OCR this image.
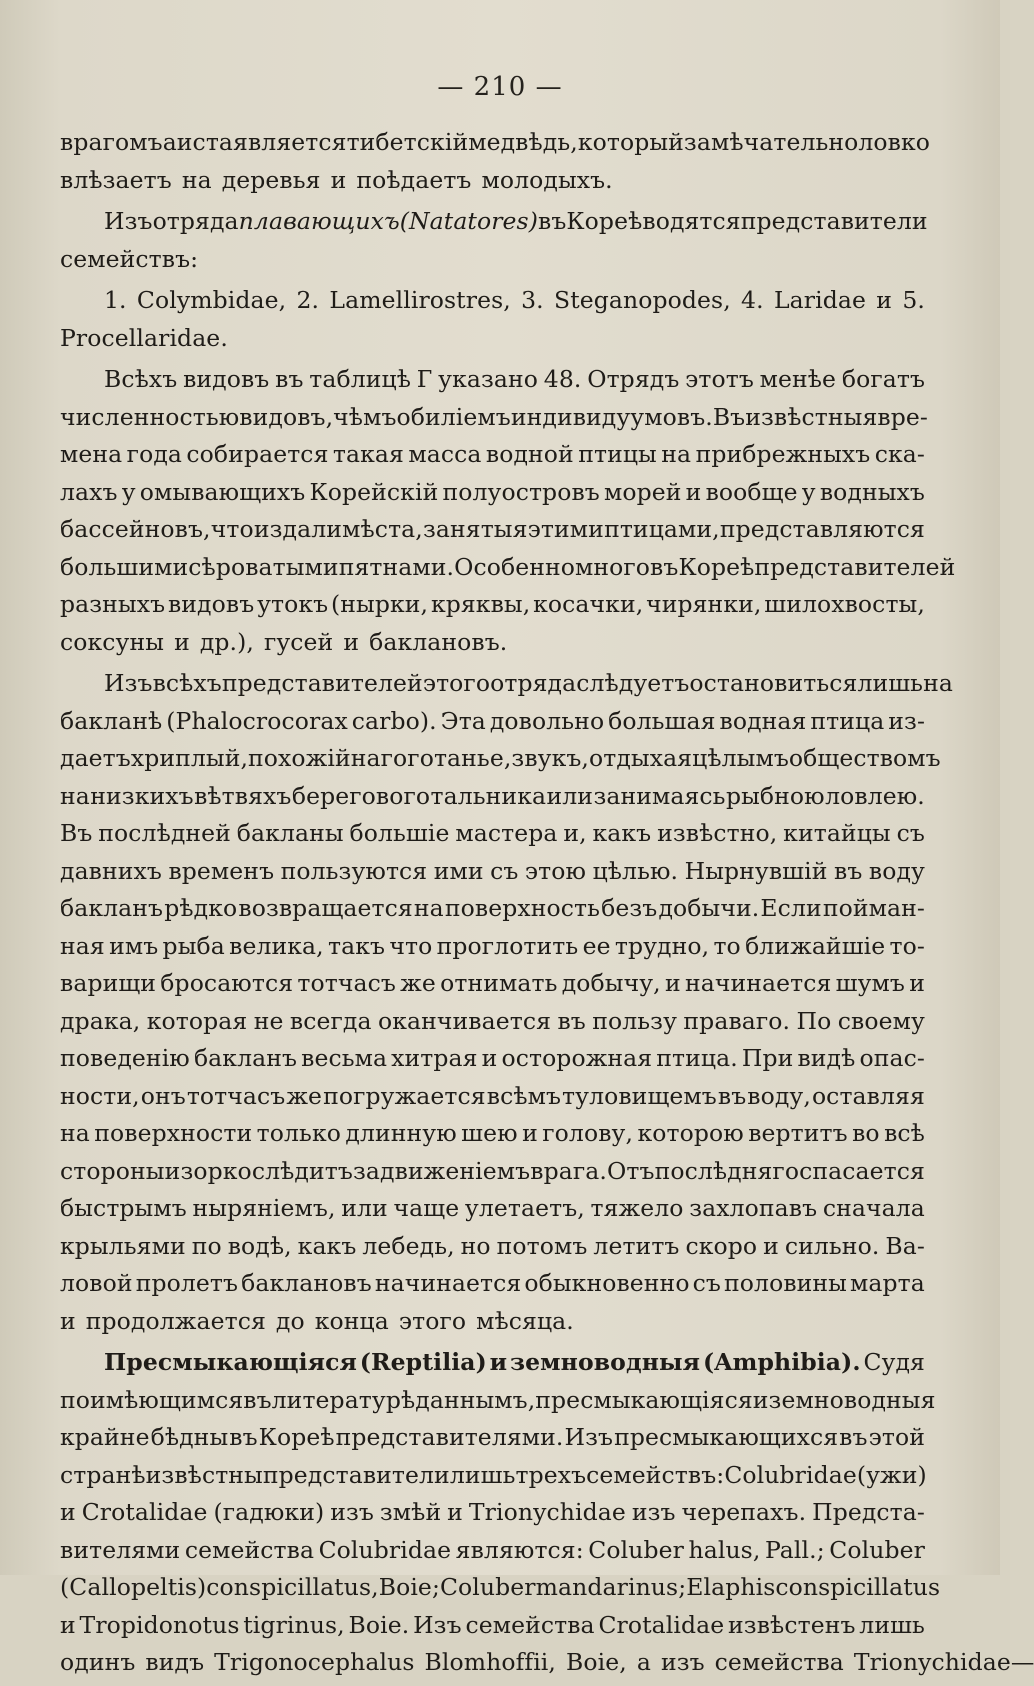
— 210 —
врагомъ аиста является тибетскій медвѣдь, который замѣчательно ловко
влѣзаетъ на деревья и поѣдаетъ молодыхъ.
Изъ отряда плавающихъ (Natatores) въ Кореѣ водятся представители
семействъ:
1. Colymbidae, 2. Lamellirostres, 3. Steganopodes, 4. Laridae и 5.
Procellaridae.
Всѣхъ видовъ въ таблицѣ Г указано 48. Отрядъ этотъ менѣе богатъ
численностью видовъ, чѣмъ обиліемъ индивидуумовъ. Въ извѣстныя вре-
мена года собирается такая масса водной птицы на прибрежныхъ ска-
лахъ у омывающихъ Корейскій полуостровъ морей и вообще у водныхъ
бассейновъ, что издали мѣста, занятыя этими птицами, представляются
большими сѣроватыми пятнами. Особенно много въ Кореѣ представителей
разныхъ видовъ утокъ (нырки, кряквы, косачки, чирянки, шилохвосты,
соксуны и др.), гусей и баклановъ.
Изъ всѣхъ представителей этого отряда слѣдуетъ остановиться лишь на
бакланѣ (Phalocrocorax carbo). Эта довольно большая водная птица из-
даетъ хриплый, похожій на гоготанье, звукъ, отдыхая цѣлымъ обществомъ
на низкихъ вѣтвяхъ берегового тальника или занимаясь рыбною ловлею.
Въ послѣдней бакланы большіе мастера и, какъ извѣстно, китайцы съ
давнихъ временъ пользуются ими съ этою цѣлью. Нырнувшій въ воду
бакланъ рѣдко возвращается на поверхность безъ добычи. Если пойман-
ная имъ рыба велика, такъ что проглотить ее трудно, то ближайшіе то-
варищи бросаются тотчасъ же отнимать добычу, и начинается шумъ и
драка, которая не всегда оканчивается въ пользу праваго. По своему
поведенію бакланъ весьма хитрая и осторожная птица. При видѣ опас-
ности, онъ тотчасъ же погружается всѣмъ туловищемъ въ воду, оставляя
на поверхности только длинную шею и голову, которою вертитъ во всѣ
стороны и зорко слѣдитъ за движеніемъ врага. Отъ послѣдняго спасается
быстрымъ ныряніемъ, или чаще улетаетъ, тяжело захлопавъ сначала
крыльями по водѣ, какъ лебедь, но потомъ летитъ скоро и сильно. Ва-
ловой пролетъ баклановъ начинается обыкновенно съ половины марта
и продолжается до конца этого мѣсяца.
Пресмыкающіяся (Reptilia) и земноводныя (Amphibia). Судя
по имѣющимся въ литературѣ даннымъ, пресмыкающіяся и земноводныя
крайне бѣдны въ Кореѣ представителями. Изъ пресмыкающихся въ этой
странѣ извѣстны представители лишь трехъ семействъ: Colubridae (ужи)
и Crotalidae (гадюки) изъ змѣй и Trionychidae изъ черепахъ. Предста-
вителями семейства Colubridae являются: Coluber halus, Pall.; Coluber
(Callopeltis) conspicillatus, Boie; Coluber mandarinus; Elaphis conspicillatus
и Tropidonotus tigrinus, Boie. Изъ семейства Crotalidae извѣстенъ лишь
одинъ видъ Trigonocephalus Blomhoffii, Boie, а изъ семейства Trionychidae—
